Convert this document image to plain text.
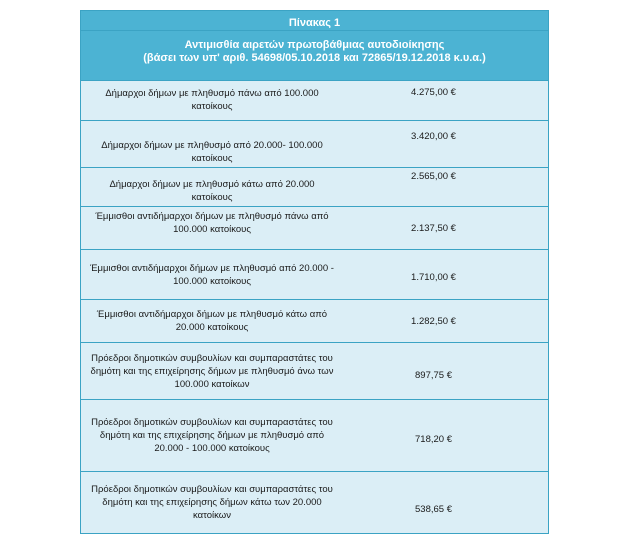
Πίνακας 1
Αντιμισθία αιρετών πρωτοβάθμιας αυτοδιοίκησης
(βάσει των υπ' αριθ. 54698/05.10.2018 και 72865/19.12.2018 κ.υ.α.)
Δήμαρχοι δήμων με πληθυσμό πάνω από 100.000 κατοίκους
4.275,00 €
Δήμαρχοι δήμων με πληθυσμό από 20.000- 100.000 κατοίκους
3.420,00 €
Δήμαρχοι δήμων με πληθυσμό κάτω από 20.000 κατοίκους
2.565,00 €
Έμμισθοι αντιδήμαρχοι δήμων με πληθυσμό πάνω από 100.000 κατοίκους	2.137,50 €
Έμμισθοι αντιδήμαρχοι δήμων με πληθυσμό από 20.000 - 100.000 κατοίκους	1.710,00 €
Έμμισθοι αντιδήμαρχοι δήμων με πληθυσμό κάτω από 20.000 κατοίκους
1.282,50 €
Πρόεδροι δημοτικών συμβουλίων και συμπαραστάτες του δημότη και της επιχείρησης δήμων με πληθυσμό άνω των 100.000 κατοίκων
897,75 €
Πρόεδροι δημοτικών συμβουλίων και συμπαραστάτες του δημότη και της επιχείρησης δήμων με πληθυσμό από 20.000 - 100.000 κατοίκους
718,20 €
Πρόεδροι δημοτικών συμβουλίων και συμπαραστάτες του δημότη και της επιχείρησης δήμων κάτω των 20.000 κατοίκων
538,65 €
